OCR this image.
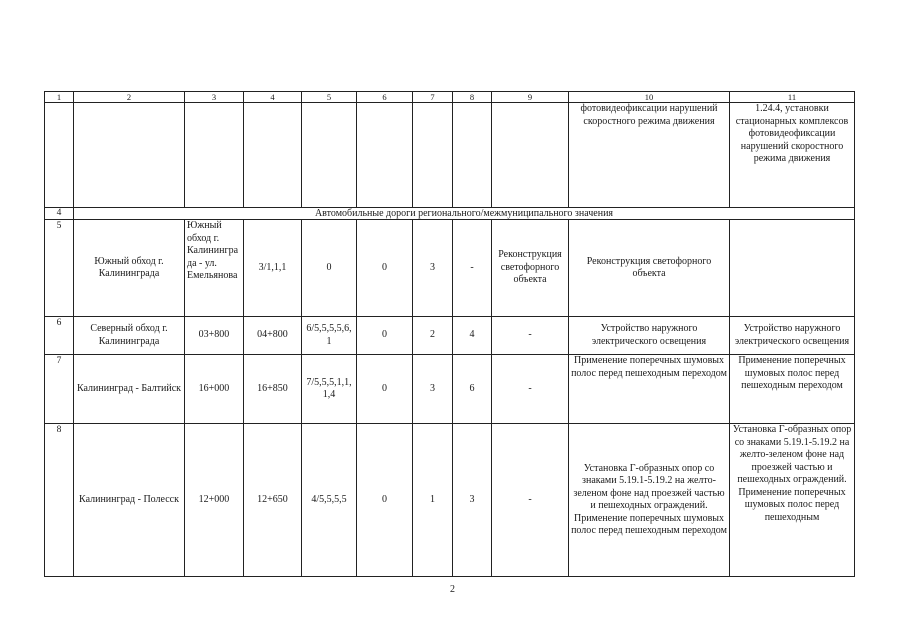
1	2	3	4	5	6	7	8	9	10	11
									фотовидеофиксации нарушений скоростного режима движения	1.24.4, установки стационарных комплексов фотовидеофиксации нарушений скоростного режима движения
4	Автомобильные дороги регионального/межмуниципального значения									
5	Южный обход г. Калининграда	Южный обход г. Калининграда - ул. Емельянова	3/1,1,1	0	0	3	-	Реконструкция светофорного объекта	Реконструкция светофорного объекта	
6	Северный обход г. Калининграда	03+800	04+800	6/5,5,5,5,6,1	0	2	4	-	Устройство наружного электрического освещения	Устройство наружного электрического освещения
7	Калининград - Балтийск	16+000	16+850	7/5,5,5,1,1,1,4	0	3	6	-	Применение поперечных шумовых полос перед пешеходным переходом	Применение поперечных шумовых полос перед пешеходным переходом
8	Калининград - Полесск	12+000	12+650	4/5,5,5,5	0	1	3	-	Установка Г-образных опор со знаками 5.19.1-5.19.2 на желто-зеленом фоне над проезжей частью и пешеходных ограждений. Применение поперечных шумовых полос перед пешеходным переходом	Установка Г-образных опор со знаками 5.19.1-5.19.2 на желто-зеленом фоне над проезжей частью и пешеходных ограждений. Применение поперечных шумовых полос перед пешеходным
2
